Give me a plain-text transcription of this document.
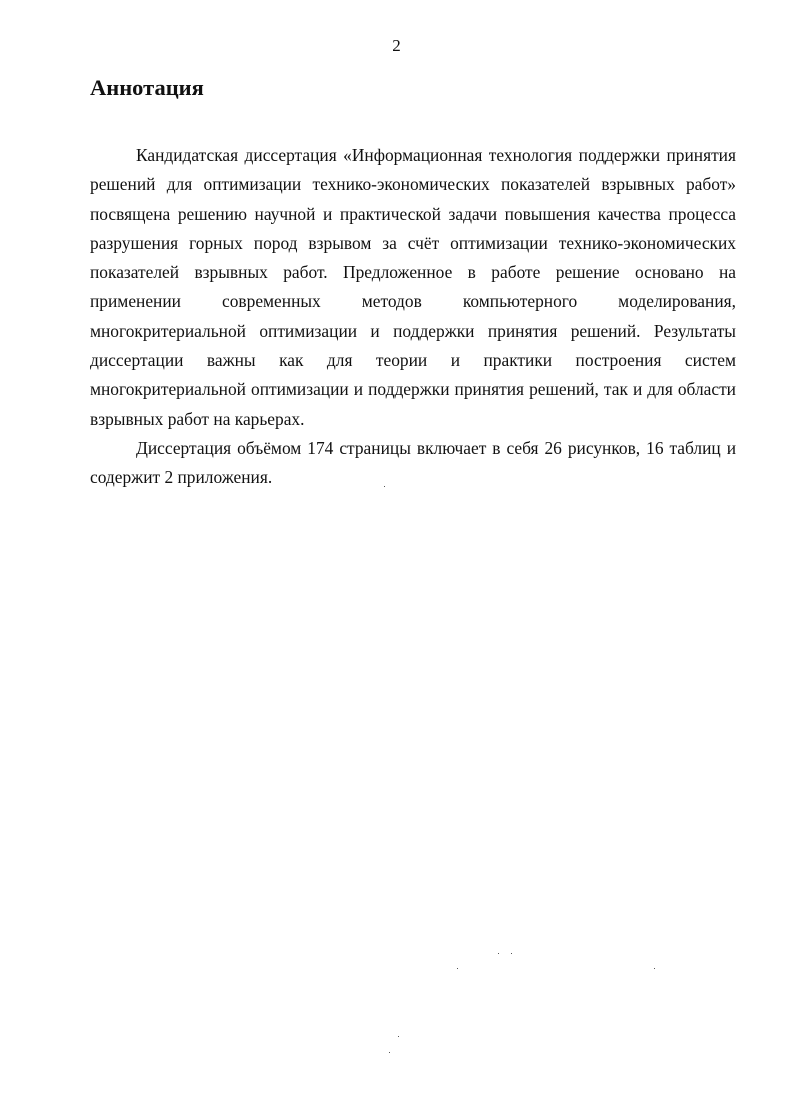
2
Аннотация

Кандидатская диссертация «Информационная технология поддержки принятия решений для оптимизации технико-экономических показателей взрывных работ» посвящена решению научной и практической задачи повышения качества процесса разрушения горных пород взрывом за счёт оптимизации технико-экономических показателей взрывных работ. Предложенное в работе решение основано на применении современных методов компьютерного моделирования, многокритериальной оптимизации и поддержки принятия решений. Результаты диссертации важны как для теории и практики построения систем многокритериальной оптимизации и поддержки принятия решений, так и для области взрывных работ на карьерах.

Диссертация объёмом 174 страницы включает в себя 26 рисунков, 16 таблиц и содержит 2 приложения.
